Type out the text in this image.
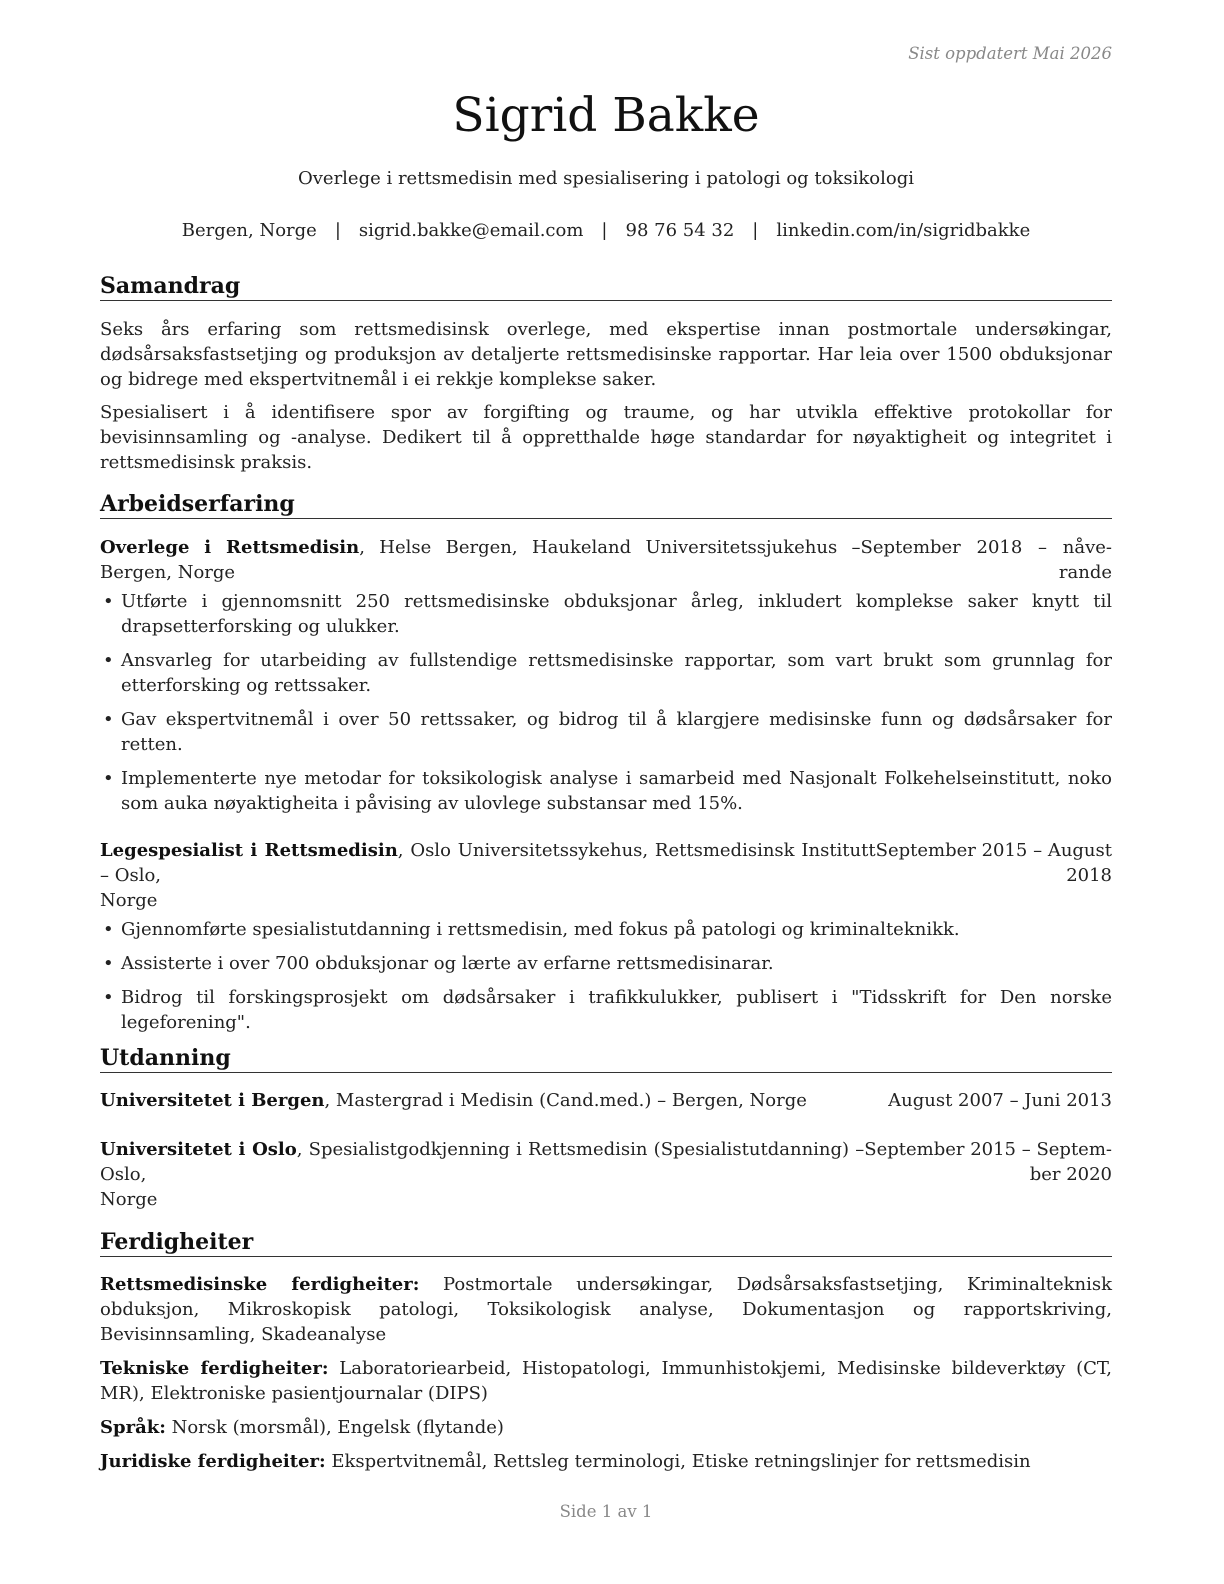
Sist oppdatert Mai 2026
Sigrid Bakke
Overlege i rettsmedisin med spesialisering i patologi og toksikologi
Bergen, Norge | sigrid.bakke@email.com | 98 76 54 32 | linkedin.com/in/sigridbakke
Samandrag

Seks års erfaring som rettsmedisinsk overlege, med ekspertise innan postmortale undersøkingar, dødsårsaksfastsetjing og produksjon av detaljerte rettsmedisinske rapportar. Har leia over 1500 obduksjonar og bidrege med ekspertvitnemål i ei rekkje komplekse saker.

Spesialisert i å identifisere spor av forgifting og traume, og har utvikla effektive protokollar for bevisinnsamling og -analyse. Dedikert til å oppretthalde høge standardar for nøyaktigheit og integritet i rettsmedisinsk praksis.

Arbeidserfaring
Overlege i Rettsmedisin, Helse Bergen, Haukeland Universitetssjukehus – Bergen, Norge
September 2018 – nåve-
rande
• Utførte i gjennomsnitt 250 rettsmedisinske obduksjonar årleg, inkludert komplekse saker knytt til drapsetterforsking og ulukker.
• Ansvarleg for utarbeiding av fullstendige rettsmedisinske rapportar, som vart brukt som grunnlag for etterforsking og rettssaker.
• Gav ekspertvitnemål i over 50 rettssaker, og bidrog til å klargjere medisinske funn og dødsårsaker for retten.
• Implementerte nye metodar for toksikologisk analyse i samarbeid med Nasjonalt Folkehelseinstitutt, noko som auka nøyaktigheita i påvising av ulovlege substansar med 15%.
Legespesialist i Rettsmedisin, Oslo Universitetssykehus, Rettsmedisinsk Institutt – Oslo,
Norge
September 2015 – August
2018
• Gjennomførte spesialistutdanning i rettsmedisin, med fokus på patologi og kriminalteknikk.
• Assisterte i over 700 obduksjonar og lærte av erfarne rettsmedisinarar.
• Bidrog til forskingsprosjekt om dødsårsaker i trafikkulukker, publisert i "Tidsskrift for Den norske legeforening".
Utdanning
Universitetet i Bergen, Mastergrad i Medisin (Cand.med.) – Bergen, Norge	August 2007 – Juni 2013
Universitetet i Oslo, Spesialistgodkjenning i Rettsmedisin (Spesialistutdanning) – Oslo,
Norge
September 2015 – Septem-
ber 2020
Ferdigheiter

Rettsmedisinske ferdigheiter: Postmortale undersøkingar, Dødsårsaksfastsetjing, Kriminalteknisk obduksjon, Mikroskopisk patologi, Toksikologisk analyse, Dokumentasjon og rapportskriving, Bevisinnsamling, Skadeanalyse

Tekniske ferdigheiter: Laboratoriearbeid, Histopatologi, Immunhistokjemi, Medisinske bildeverktøy (CT, MR), Elektroniske pasientjournalar (DIPS)

Språk: Norsk (morsmål), Engelsk (flytande)

Juridiske ferdigheiter: Ekspertvitnemål, Rettsleg terminologi, Etiske retningslinjer for rettsmedisin

Side 1 av 1
